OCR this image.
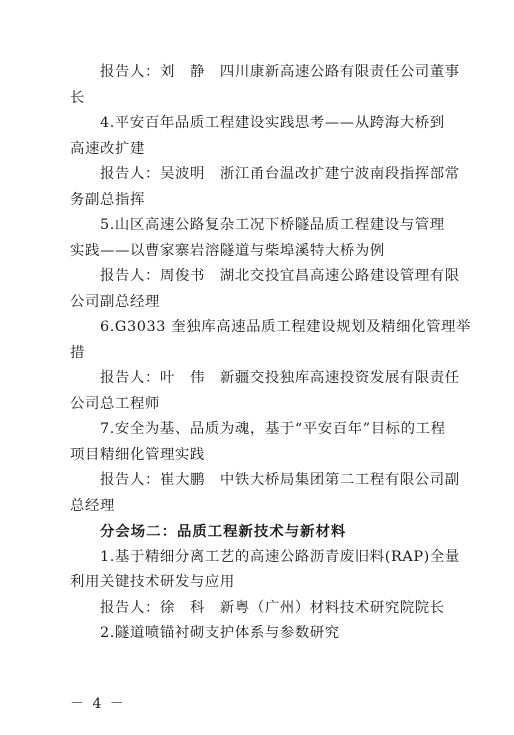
报告人：刘　静　四川康新高速公路有限责任公司董事
长
4.平安百年品质工程建设实践思考——从跨海大桥到
高速改扩建
报告人：吴波明　浙江甬台温改扩建宁波南段指挥部常
务副总指挥
5.山区高速公路复杂工况下桥隧品质工程建设与管理
实践——以曹家寨岩溶隧道与柴埠溪特大桥为例
报告人：周俊书　湖北交投宜昌高速公路建设管理有限
公司副总经理
6.G3033 奎独库高速品质工程建设规划及精细化管理举
措
报告人：叶　伟　新疆交投独库高速投资发展有限责任
公司总工程师
7.安全为基、品质为魂，基于“平安百年”目标的工程
项目精细化管理实践
报告人：崔大鹏　中铁大桥局集团第二工程有限公司副
总经理
分会场二：品质工程新技术与新材料
1.基于精细分离工艺的高速公路沥青废旧料(RAP)全量
利用关键技术研发与应用
报告人：徐　科　新粤（广州）材料技术研究院院长
2.隧道喷锚衬砌支护体系与参数研究
－ 4 －
